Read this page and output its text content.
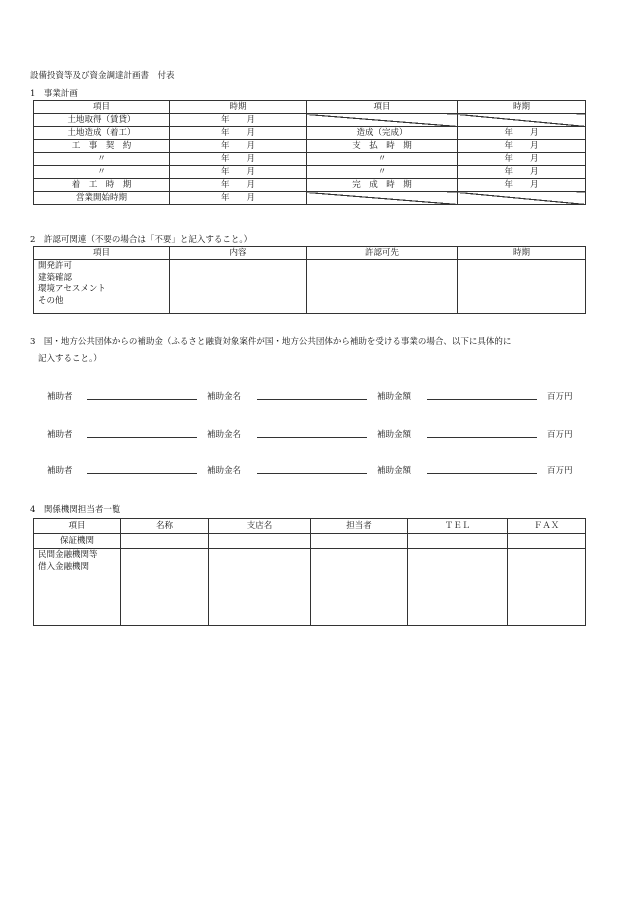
設備投資等及び資金調達計画書　付表
1　事業計画
項目	時期	項目	時期
土地取得（賃貸）	年　　月		
土地造成（着工）	年　　月	造成（完成）	年　　月
工　事　契　約	年　　月	支　払　時　期	年　　月
〃	年　　月	〃	年　　月
〃	年　　月	〃	年　　月
着　工　時　期	年　　月	完　成　時　期	年　　月
営業開始時期	年　　月		
2　許認可関連（不要の場合は「不要」と記入すること。）
項目	内容	許認可先	時期

開発許可
建築確認
環境アセスメント
その他			

3　国・地方公共団体からの補助金（ふるさと融資対象案件が国・地方公共団体から補助を受ける事業の場合、以下に具体的に
記入すること。）
補助者	補助金名	補助金額	百万円
補助者	補助金名	補助金額	百万円
補助者	補助金名	補助金額	百万円
4　関係機関担当者一覧
項目	名称	支店名	担当者	ＴＥＬ	ＦＡＸ
保証機関					

民間金融機関等
借入金融機関					
